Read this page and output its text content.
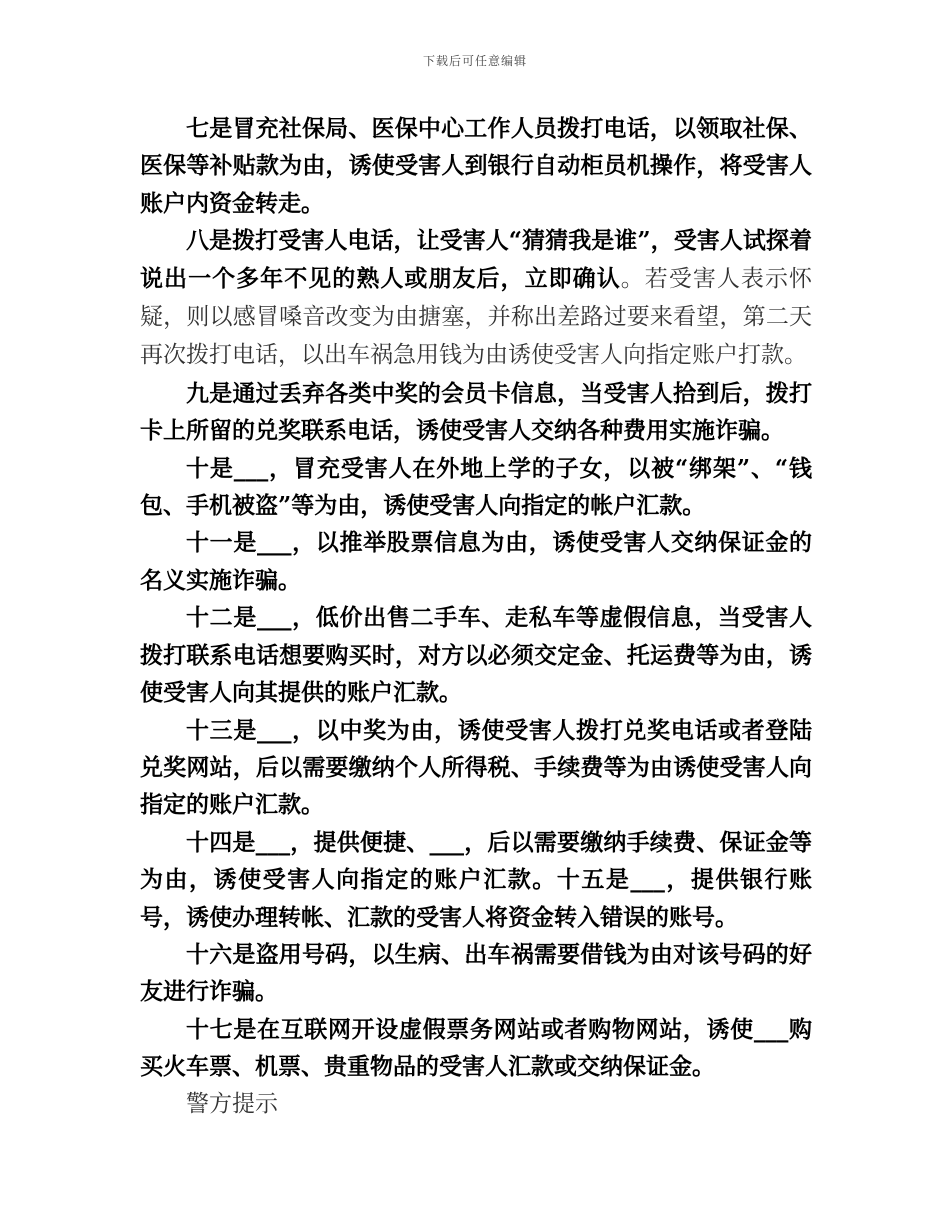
下载后可任意编辑

七是冒充社保局、医保中心工作人员拨打电话，以领取社保、医保等补贴款为由，诱使受害人到银行自动柜员机操作，将受害人账户内资金转走。

八是拨打受害人电话，让受害人“猜猜我是谁”，受害人试探着说出一个多年不见的熟人或朋友后，立即确认。若受害人表示怀疑，则以感冒嗓音改变为由搪塞，并称出差路过要来看望，第二天再次拨打电话，以出车祸急用钱为由诱使受害人向指定账户打款。

九是通过丢弃各类中奖的会员卡信息，当受害人拾到后，拨打卡上所留的兑奖联系电话，诱使受害人交纳各种费用实施诈骗。

十是___，冒充受害人在外地上学的子女，以被“绑架”、“钱包、手机被盗”等为由，诱使受害人向指定的帐户汇款。

十一是___，以推举股票信息为由，诱使受害人交纳保证金的名义实施诈骗。

十二是___，低价出售二手车、走私车等虚假信息，当受害人拨打联系电话想要购买时，对方以必须交定金、托运费等为由，诱使受害人向其提供的账户汇款。

十三是___，以中奖为由，诱使受害人拨打兑奖电话或者登陆兑奖网站，后以需要缴纳个人所得税、手续费等为由诱使受害人向指定的账户汇款。

十四是___，提供便捷、___，后以需要缴纳手续费、保证金等为由，诱使受害人向指定的账户汇款。十五是___，提供银行账号，诱使办理转帐、汇款的受害人将资金转入错误的账号。

十六是盗用号码，以生病、出车祸需要借钱为由对该号码的好友进行诈骗。

十七是在互联网开设虚假票务网站或者购物网站，诱使___购买火车票、机票、贵重物品的受害人汇款或交纳保证金。

警方提示
